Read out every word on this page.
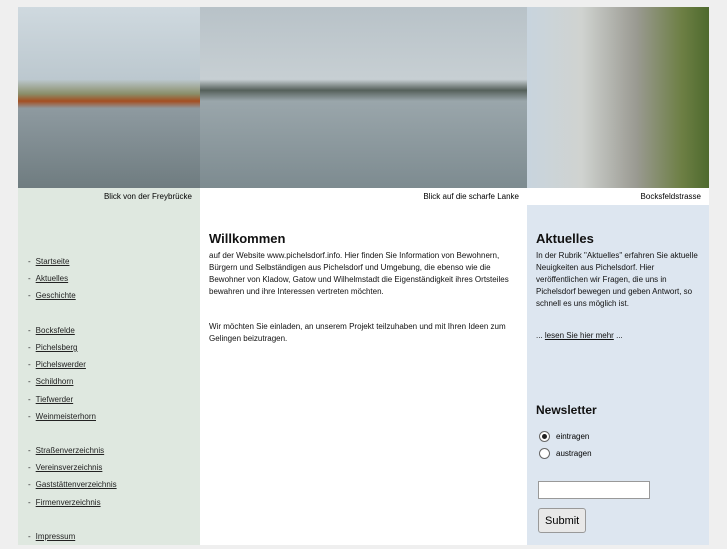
Blick von der Freybrücke	Blick auf die scharfe Lanke
Willkommen

auf der Website www.pichelsdorf.info. Hier finden Sie Information von Bewohnern, Bürgern und Selbständigen aus Pichelsdorf und Umgebung, die ebenso wie die Bewohner von Kladow, Gatow und Wilhelmstadt die Eigenständigkeit ihres Ortsteiles bewahren und ihre Interessen vertreten möchten.

Wir möchten Sie einladen, an unserem Projekt teilzuhaben und mit Ihren Ideen zum Gelingen beizutragen.

Bocksfeldstrasse
Aktuelles

In der Rubrik "Aktuelles" erfahren Sie aktuelle Neuigkeiten aus Pichelsdorf. Hier veröffentlichen wir Fragen, die uns in Pichelsdorf bewegen und geben Antwort, so schnell es uns möglich ist.

... lesen Sie hier mehr ...

Newsletter
eintragen
austragen
Submit
- Startseite
- Aktuelles
- Geschichte
- Bocksfelde
- Pichelsberg
- Pichelswerder
- Schildhorn
- Tiefwerder
- Weinmeisterhorn
- Straßenverzeichnis
- Vereinsverzeichnis
- Gaststättenverzeichnis
- Firmenverzeichnis
- Impressum
